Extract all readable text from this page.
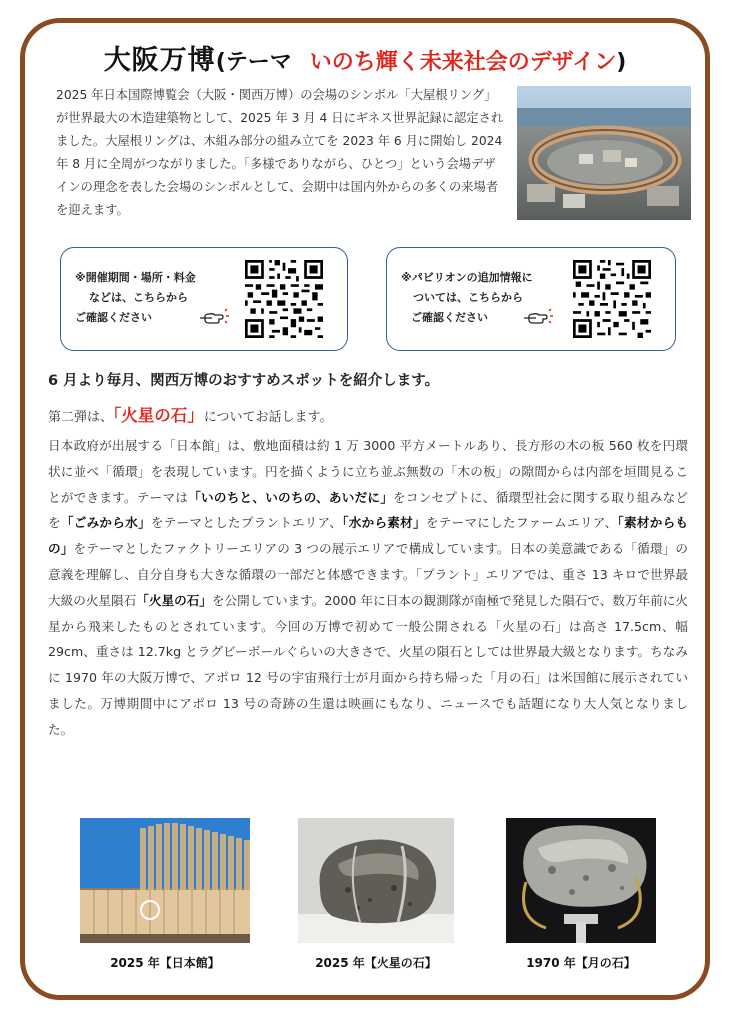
大阪万博(テーマ いのち輝く未来社会のデザイン)
2025 年日本国際博覧会（大阪・関西万博）の会場のシンボル「大屋根リング」が世界最大の木造建築物として、2025 年 3 月 4 日にギネス世界記録に認定されました。大屋根リングは、木組み部分の組み立てを 2023 年 6 月に開始し 2024 年 8 月に全周がつながりました。「多様でありながら、ひとつ」という会場デザインの理念を表した会場のシンボルとして、会期中は国内外からの多くの来場者を迎えます。
※開催期間・場所・料金
などは、こちらから
ご確認ください
※パビリオンの追加情報に
ついては、こちらから
ご確認ください
6 月より毎月、関西万博のおすすめスポットを紹介します。
第二弾は、「火星の石」についてお話します。
日本政府が出展する「日本館」は、敷地面積は約 1 万 3000 平方メートルあり、長方形の木の板 560 枚を円環状に並べ「循環」を表現しています。円を描くように立ち並ぶ無数の「木の板」の隙間からは内部を垣間見ることができます。テーマは「いのちと、いのちの、あいだに」をコンセプトに、循環型社会に関する取り組みなどを「ごみから水」をテーマとしたプラントエリア、「水から素材」をテーマにしたファームエリア、「素材からもの」をテーマとしたファクトリーエリアの 3 つの展示エリアで構成しています。日本の美意識である「循環」の意義を理解し、自分自身も大きな循環の一部だと体感できます。「プラント」エリアでは、重さ 13 キロで世界最大級の火星隕石「火星の石」を公開しています。2000 年に日本の観測隊が南極で発見した隕石で、数万年前に火星から飛来したものとされています。今回の万博で初めて一般公開される「火星の石」は高さ 17.5cm、幅 29cm、重さは 12.7kg とラグビーボールぐらいの大きさで、火星の隕石としては世界最大級となります。ちなみに 1970 年の大阪万博で、アポロ 12 号の宇宙飛行士が月面から持ち帰った「月の石」は米国館に展示されていました。万博期間中にアポロ 13 号の奇跡の生還は映画にもなり、ニュースでも話題になり大人気となりました。
2025 年【日本館】	2025 年【火星の石】	1970 年【月の石】
